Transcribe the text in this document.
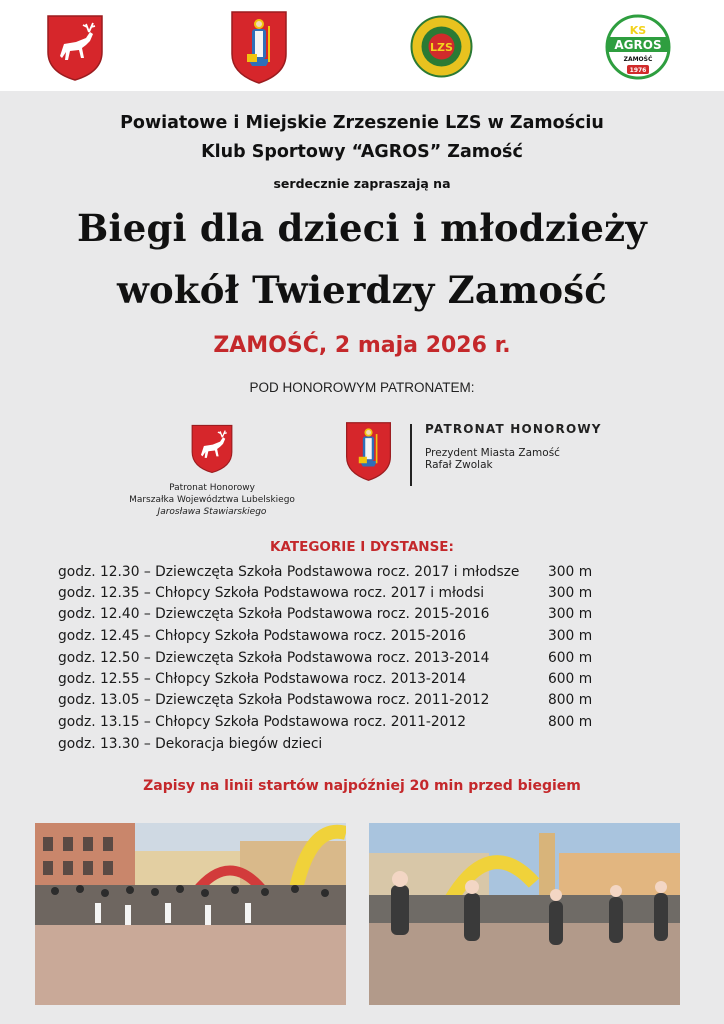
LZS
KS
AGROS
ZAMOŚĆ
1976
Powiatowe i Miejskie Zrzeszenie LZS w Zamościu
Klub Sportowy “AGROS” Zamość
serdecznie zapraszają na
Biegi dla dzieci i młodzieży
wokół Twierdzy Zamość
ZAMOŚĆ, 2 maja 2026 r.
POD HONOROWYM PATRONATEM:
Patronat Honorowy
Marszałka Województwa Lubelskiego
Jarosława Stawiarskiego
PATRONAT HONOROWY
Prezydent Miasta Zamość
Rafał Zwolak
KATEGORIE I DYSTANSE:
godz. 12.30 – Dziewczęta Szkoła Podstawowa rocz. 2017 i młodsze 300 m
godz. 12.35 – Chłopcy Szkoła Podstawowa rocz. 2017 i młodsi	300 m
godz. 12.40 – Dziewczęta Szkoła Podstawowa rocz. 2015-2016	300 m
godz. 12.45 – Chłopcy Szkoła Podstawowa rocz. 2015-2016	300 m
godz. 12.50 – Dziewczęta Szkoła Podstawowa rocz. 2013-2014	600 m
godz. 12.55 – Chłopcy Szkoła Podstawowa rocz. 2013-2014	600 m
godz. 13.05 – Dziewczęta Szkoła Podstawowa rocz. 2011-2012	800 m
godz. 13.15 – Chłopcy Szkoła Podstawowa rocz. 2011-2012	800 m
godz. 13.30 – Dekoracja biegów dzieci
Zapisy na linii startów najpóźniej 20 min przed biegiem
